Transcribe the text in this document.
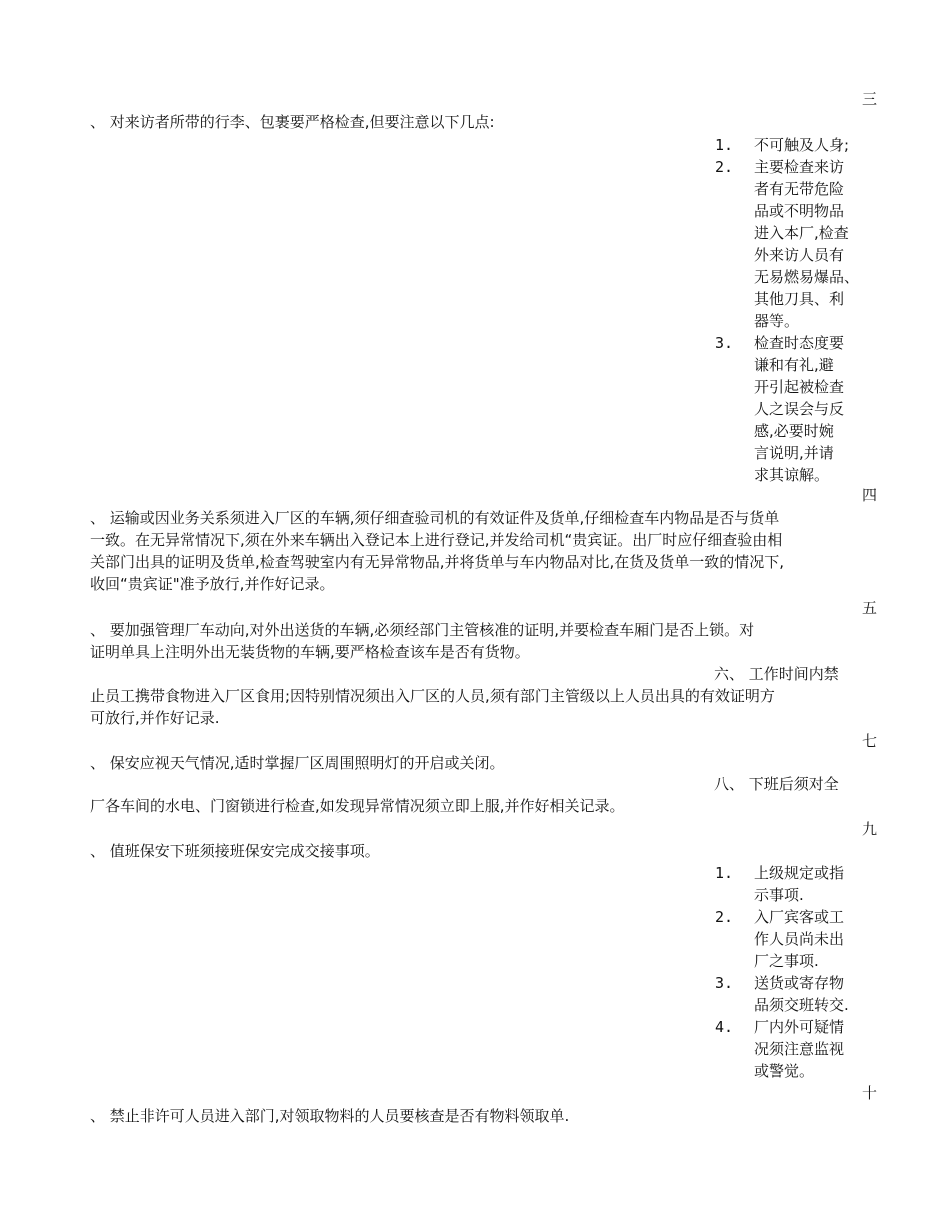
三
、 对来访者所带的行李、包裹要严格检查,但要注意以下几点:
1. 不可触及人身;
2. 主要检查来访
者有无带危险
品或不明物品
进入本厂,检查
外来访人员有
无易燃易爆品、
其他刀具、利
器等。
3. 检查时态度要
谦和有礼,避
开引起被检查
人之误会与反
感,必要时婉
言说明,并请
求其谅解。
四
、 运输或因业务关系须进入厂区的车辆,须仔细查验司机的有效证件及货单,仔细检查车内物品是否与货单
一致。在无异常情况下,须在外来车辆出入登记本上进行登记,并发给司机“贵宾证。出厂时应仔细查验由相
关部门出具的证明及货单,检查驾驶室内有无异常物品,并将货单与车内物品对比,在货及货单一致的情况下,
收回“贵宾证"准予放行,并作好记录。
五
、 要加强管理厂车动向,对外出送货的车辆,必须经部门主管核准的证明,并要检查车厢门是否上锁。对
证明单具上注明外出无装货物的车辆,要严格检查该车是否有货物。
六、 工作时间内禁
止员工携带食物进入厂区食用;因特别情况须出入厂区的人员,须有部门主管级以上人员出具的有效证明方
可放行,并作好记录.
七
、 保安应视天气情况,适时掌握厂区周围照明灯的开启或关闭。
八、 下班后须对全
厂各车间的水电、门窗锁进行检查,如发现异常情况须立即上服,并作好相关记录。
九
、 值班保安下班须接班保安完成交接事项。
1. 上级规定或指
示事项.
2. 入厂宾客或工
作人员尚未出
厂之事项.
3. 送货或寄存物
品须交班转交.
4. 厂内外可疑情
况须注意监视
或警觉。
十
、 禁止非许可人员进入部门,对领取物料的人员要核查是否有物料领取单.
